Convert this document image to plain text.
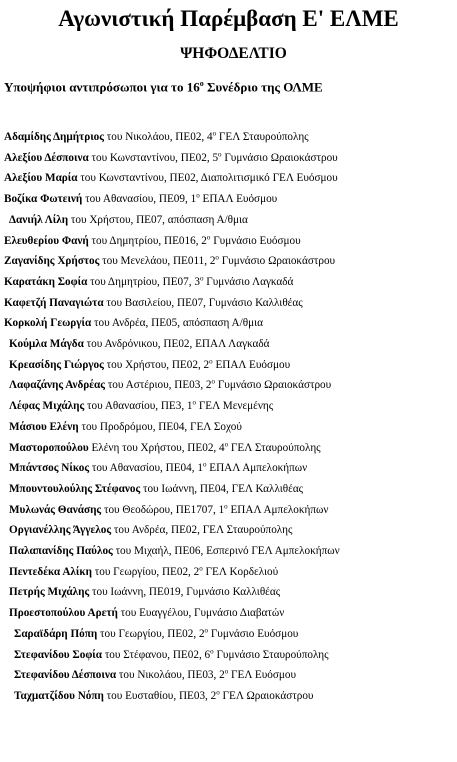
Αγωνιστική Παρέμβαση Ε' ΕΛΜΕ
ΨΗΦΟΔΕΛΤΙΟ
Υποψήφιοι αντιπρόσωποι για το $16^o$ Συνέδριο της ΟΛΜΕ
Αδαμίδης Δημήτριος του Νικολάου, ΠΕ02, $4^o$ ΓΕΛ Σταυρούπολης
Αλεξίου Δέσποινα του Κωνσταντίνου, ΠΕ02, $5^o$ Γυμνάσιο Ωραιοκάστρου
Αλεξίου Μαρία του Κωνσταντίνου, ΠΕ02, Διαπολιτισμικό ΓΕΛ Ευόσμου
Βοζίκα Φωτεινή του Αθανασίου, ΠΕ09, $1^o$ ΕΠΑΛ Ευόσμου
Δανιήλ Λίλη του Χρήστου, ΠΕ07, απόσπαση Α/θμια
Ελευθερίου Φανή του Δημητρίου, ΠΕ016, $2^o$ Γυμνάσιο Ευόσμου
Ζαγανίδης Χρήστος του Μενελάου, ΠΕ011, $2^o$ Γυμνάσιο Ωραιοκάστρου
Καρατάκη Σοφία του Δημητρίου, ΠΕ07, $3^o$ Γυμνάσιο Λαγκαδά
Καφετζή Παναγιώτα του Βασιλείου, ΠΕ07, Γυμνάσιο Καλλιθέας
Κορκολή Γεωργία του Ανδρέα, ΠΕ05, απόσπαση Α/θμια
Κούμλα Μάγδα του Ανδρόνικου, ΠΕ02, ΕΠΑΛ Λαγκαδά
Κρεασίδης Γιώργος του Χρήστου, ΠΕ02, $2^o$ ΕΠΑΛ Ευόσμου
Λαφαζάνης Ανδρέας του Αστέριου, ΠΕ03, $2^o$ Γυμνάσιο Ωραιοκάστρου
Λέφας Μιχάλης του Αθανασίου, ΠΕ3, $1^o$ ΓΕΛ Μενεμένης
Μάσιου Ελένη του Προδρόμου, ΠΕ04, ΓΕΛ Σοχού
Μαστοροπούλου Ελένη του Χρήστου, ΠΕ02, $4^o$ ΓΕΛ Σταυρούπολης
Μπάντσος Νίκος του Αθανασίου, ΠΕ04, $1^o$ ΕΠΑΛ Αμπελοκήπων
Μπουντουλούλης Στέφανος του Ιωάννη, ΠΕ04, ΓΕΛ Καλλιθέας
Μυλωνάς Θανάσης του Θεοδώρου, ΠΕ1707, $1^o$ ΕΠΑΛ Αμπελοκήπων
Οργιανέλλης Άγγελος του Ανδρέα, ΠΕ02, ΓΕΛ Σταυρούπολης
Παλαπανίδης Παύλος του Μιχαήλ, ΠΕ06, Εσπερινό ΓΕΛ Αμπελοκήπων
Πεντεδέκα Αλίκη του Γεωργίου, ΠΕ02, $2^o$ ΓΕΛ Κορδελιού
Πετρής Μιχάλης του Ιωάννη, ΠΕ019, Γυμνάσιο Καλλιθέας
Προεστοπούλου Αρετή του Ευαγγέλου, Γυμνάσιο Διαβατών
Σαραϊδάρη Πόπη του Γεωργίου, ΠΕ02, $2^o$ Γυμνάσιο Ευόσμου
Στεφανίδου Σοφία του Στέφανου, ΠΕ02, $6^o$ Γυμνάσιο Σταυρούπολης
Στεφανίδου Δέσποινα του Νικολάου, ΠΕ03, $2^o$ ΓΕΛ Ευόσμου
Ταχματζίδου Νόπη του Ευσταθίου, ΠΕ03, $2^o$ ΓΕΛ Ωραιοκάστρου
